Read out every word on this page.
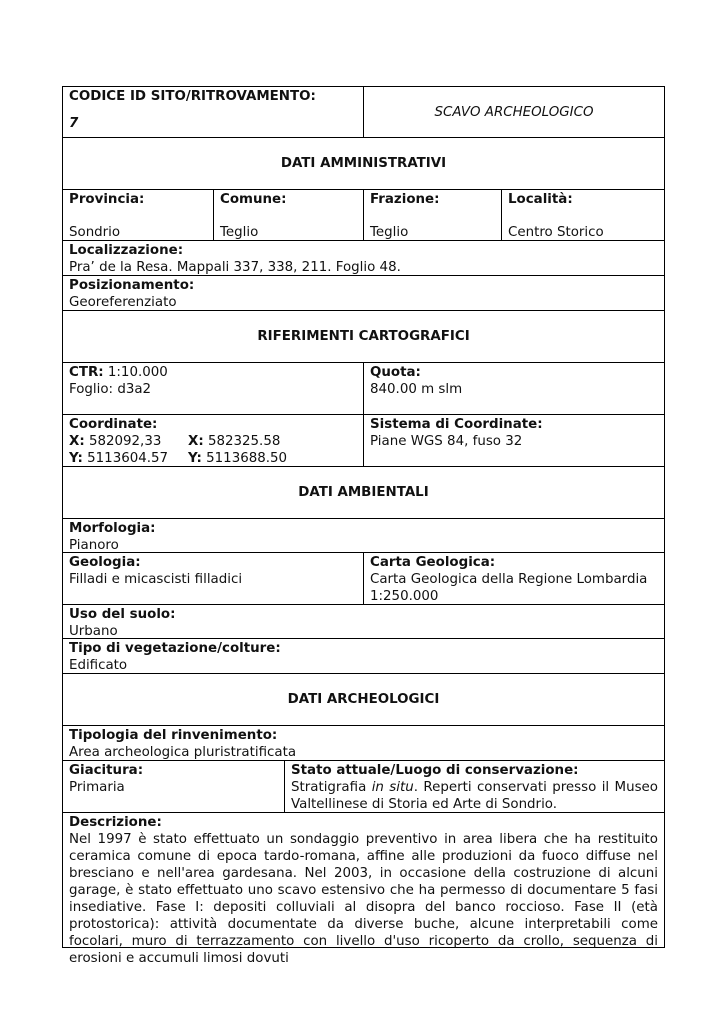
CODICE ID SITO/RITROVAMENTO:
7
SCAVO ARCHEOLOGICO
DATI AMMINISTRATIVI
Provincia:
Sondrio
Comune:
Teglio
Frazione:
Teglio
Località:
Centro Storico
Localizzazione:
Pra’ de la Resa. Mappali 337, 338, 211. Foglio 48.
Posizionamento:
Georeferenziato
RIFERIMENTI CARTOGRAFICI
CTR: 1:10.000
Foglio: d3a2
Quota:
840.00 m slm
Coordinate:
X: 582092,33	X: 582325.58
Y: 5113604.57	Y: 5113688.50
Sistema di Coordinate:
Piane WGS 84, fuso 32
DATI AMBIENTALI
Morfologia:
Pianoro
Geologia:
Filladi e micascisti filladici
Carta Geologica:
Carta Geologica della Regione Lombardia
1:250.000
Uso del suolo:
Urbano
Tipo di vegetazione/colture:
Edificato
DATI ARCHEOLOGICI
Tipologia del rinvenimento:
Area archeologica pluristratificata
Giacitura:
Primaria
Stato attuale/Luogo di conservazione:
Stratigrafia in situ. Reperti conservati presso il Museo Valtellinese di Storia ed Arte di Sondrio.
Descrizione:
Nel 1997 è stato effettuato un sondaggio preventivo in area libera che ha restituito ceramica comune di epoca tardo-romana, affine alle produzioni da fuoco diffuse nel bresciano e nell'area gardesana. Nel 2003, in occasione della costruzione di alcuni garage, è stato effettuato uno scavo estensivo che ha permesso di documentare 5 fasi insediative. Fase I: depositi colluviali al disopra del banco roccioso. Fase II (età protostorica): attività documentate da diverse buche, alcune interpretabili come focolari, muro di terrazzamento con livello d'uso ricoperto da crollo, sequenza di erosioni e accumuli limosi dovuti
